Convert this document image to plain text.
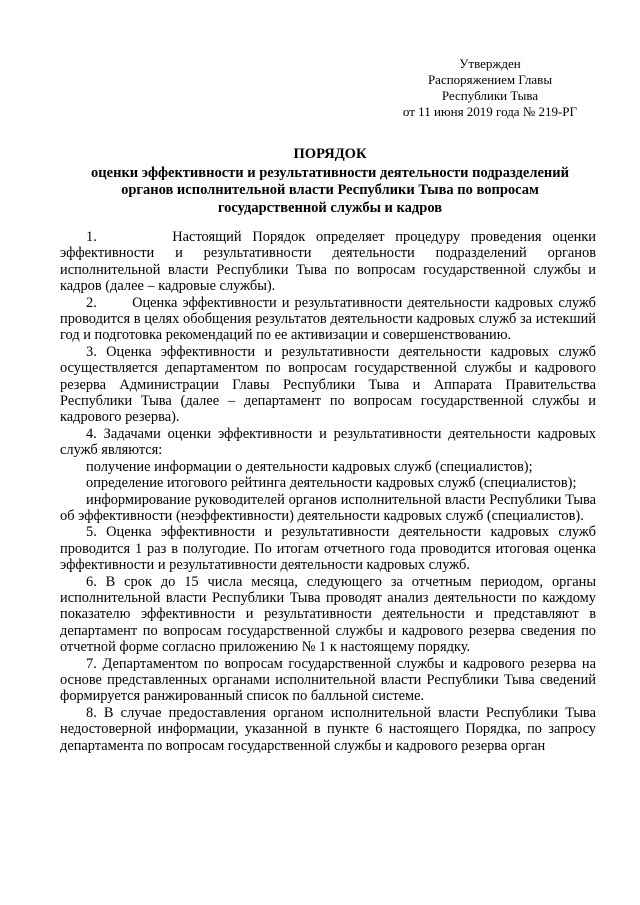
Утвержден
Распоряжением Главы
Республики Тыва
от 11 июня 2019 года № 219-РГ
ПОРЯДОК
оценки эффективности и результативности деятельности подразделений
органов исполнительной власти Республики Тыва по вопросам
государственной службы и кадров

1.       Настоящий Порядок определяет процедуру проведения оценки эффективности и результативности деятельности подразделений органов исполнительной власти Республики Тыва по вопросам государственной службы и кадров (далее – кадровые службы).

2.       Оценка эффективности и результативности деятельности кадровых служб проводится в целях обобщения результатов деятельности кадровых служб за истекший год и подготовка рекомендаций по ее активизации и совершенствованию.

3. Оценка эффективности и результативности деятельности кадровых служб осуществляется департаментом по вопросам государственной службы и кадрового резерва Администрации Главы Республики Тыва и Аппарата Правительства Республики Тыва (далее – департамент по вопросам государственной службы и кадрового резерва).

4. Задачами оценки эффективности и результативности деятельности кадровых служб являются:

получение информации о деятельности кадровых служб (специалистов);

определение итогового рейтинга деятельности кадровых служб (специалистов);

информирование руководителей органов исполнительной власти Республики Тыва об эффективности (неэффективности) деятельности кадровых служб (специалистов).

5. Оценка эффективности и результативности деятельности кадровых служб проводится 1 раз в полугодие. По итогам отчетного года проводится итоговая оценка эффективности и результативности деятельности кадровых служб.

6. В срок до 15 числа месяца, следующего за отчетным периодом, органы исполнительной власти Республики Тыва проводят анализ деятельности по каждому показателю эффективности и результативности деятельности и представляют в департамент по вопросам государственной службы и кадрового резерва сведения по отчетной форме согласно приложению № 1 к настоящему порядку.

7. Департаментом по вопросам государственной службы и кадрового резерва на основе представленных органами исполнительной власти Республики Тыва сведений формируется ранжированный список по балльной системе.

8. В случае предоставления органом исполнительной власти Республики Тыва недостоверной информации, указанной в пункте 6 настоящего Порядка, по запросу департамента по вопросам государственной службы и кадрового резерва орган
